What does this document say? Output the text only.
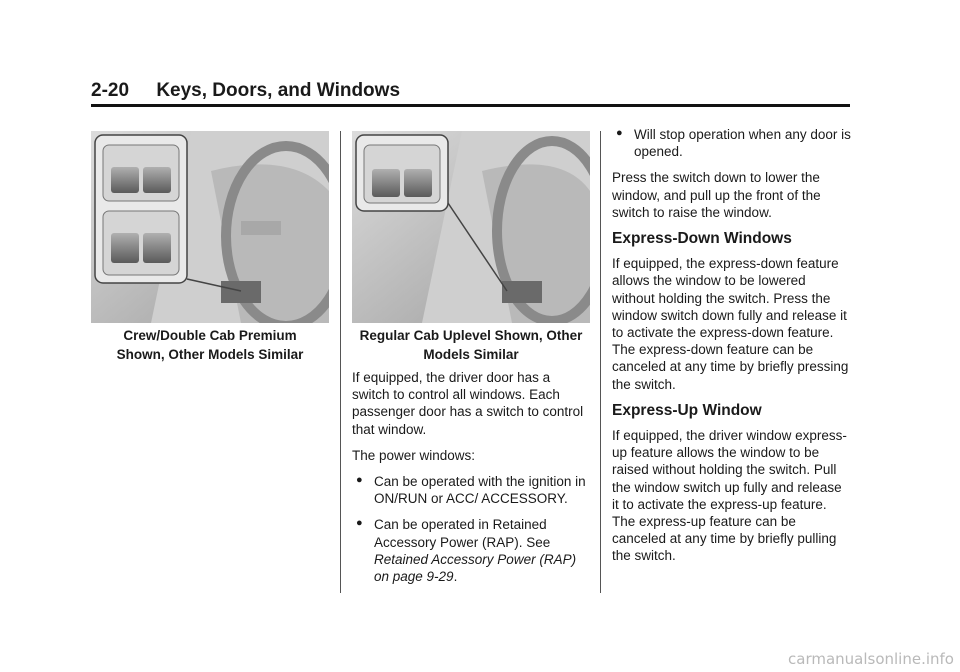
2-20 Keys, Doors, and Windows
Crew/Double Cab Premium
Shown, Other Models Similar
Regular Cab Uplevel Shown, Other
Models Similar

If equipped, the driver door has a switch to control all windows. Each passenger door has a switch to control that window.

The power windows:

● Can be operated with the ignition in ON/RUN or ACC/ ACCESSORY.
● Can be operated in Retained Accessory Power (RAP). See Retained Accessory Power (RAP) on page 9-29.
● Will stop operation when any door is opened.

Press the switch down to lower the window, and pull up the front of the switch to raise the window.

Express-Down Windows

If equipped, the express-down feature allows the window to be lowered without holding the switch. Press the window switch down fully and release it to activate the express-down feature. The express-down feature can be canceled at any time by briefly pressing the switch.

Express-Up Window

If equipped, the driver window express-up feature allows the window to be raised without holding the switch. Pull the window switch up fully and release it to activate the express-up feature. The express-up feature can be canceled at any time by briefly pulling the switch.

carmanualsonline.info
